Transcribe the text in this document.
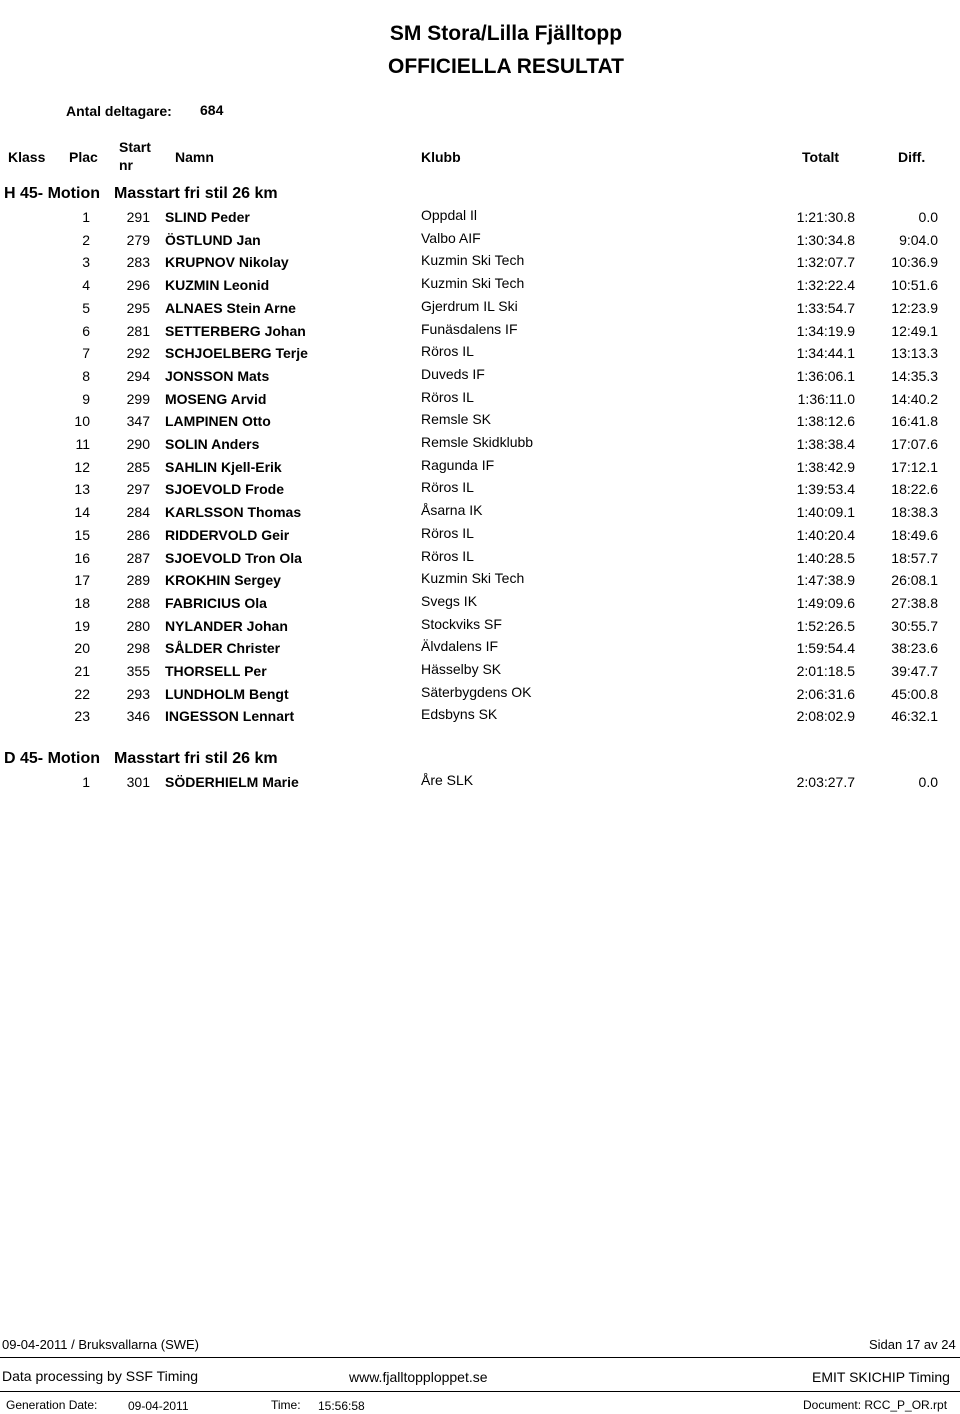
SM Stora/Lilla Fjälltopp
OFFICIELLA RESULTAT
Antal deltagare: 684
Klass Plac
Start
nr	Namn	Klubb	Totalt	Diff.
H 45- Motion Masstart fri stil 26 km
1	291 SLIND Peder	Oppdal Il	1:21:30.8	0.0
2	279 ÖSTLUND Jan	Valbo AIF	1:30:34.8	9:04.0
3	283 KRUPNOV Nikolay	Kuzmin Ski Tech	1:32:07.7	10:36.9
4	296 KUZMIN Leonid	Kuzmin Ski Tech	1:32:22.4	10:51.6
5	295 ALNAES Stein Arne	Gjerdrum IL Ski	1:33:54.7	12:23.9
6	281 SETTERBERG Johan	Funäsdalens IF	1:34:19.9	12:49.1
7	292 SCHJOELBERG Terje	Röros IL	1:34:44.1	13:13.3
8	294 JONSSON Mats	Duveds IF	1:36:06.1	14:35.3
9	299 MOSENG Arvid	Röros IL	1:36:11.0	14:40.2
10	347 LAMPINEN Otto	Remsle SK	1:38:12.6	16:41.8
11	290 SOLIN Anders	Remsle Skidklubb	1:38:38.4	17:07.6
12	285 SAHLIN Kjell-Erik	Ragunda IF	1:38:42.9	17:12.1
13	297 SJOEVOLD Frode	Röros IL	1:39:53.4	18:22.6
14	284 KARLSSON Thomas	Åsarna IK	1:40:09.1	18:38.3
15	286 RIDDERVOLD Geir	Röros IL	1:40:20.4	18:49.6
16	287 SJOEVOLD Tron Ola	Röros IL	1:40:28.5	18:57.7
17	289 KROKHIN Sergey	Kuzmin Ski Tech	1:47:38.9	26:08.1
18	288 FABRICIUS Ola	Svegs IK	1:49:09.6	27:38.8
19	280 NYLANDER Johan	Stockviks SF	1:52:26.5	30:55.7
20	298 SÅLDER Christer	Älvdalens IF	1:59:54.4	38:23.6
21	355 THORSELL Per	Hässelby SK	2:01:18.5	39:47.7
22	293 LUNDHOLM Bengt	Säterbygdens OK	2:06:31.6	45:00.8
23	346 INGESSON Lennart	Edsbyns SK	2:08:02.9	46:32.1
D 45- Motion Masstart fri stil 26 km
1	301 SÖDERHIELM Marie	Åre SLK	2:03:27.7	0.0
09-04-2011 / Bruksvallarna (SWE)	Sidan 17 av 24
Data processing by SSF Timing	www.fjalltopploppet.se	EMIT SKICHIP Timing
Generation Date:	09-04-2011	Time: 15:56:58	Document: RCC_P_OR.rpt
